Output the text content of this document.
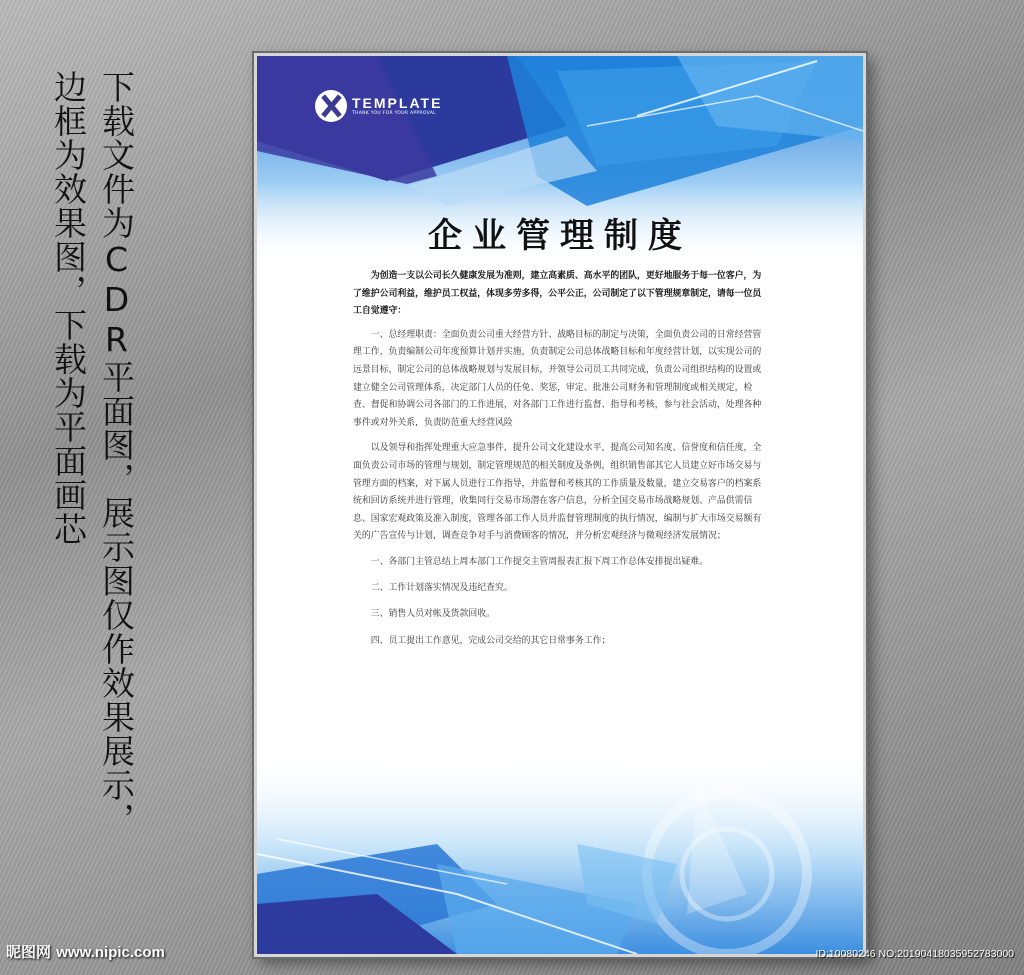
下载文件为CDR平面图，展示图仅作效果展示，
边框为效果图，下载为平面画芯	TEMPLATE
THANK YOU FOR YOUR APPROVAL
企业管理制度

为创造一支以公司长久健康发展为准则，建立高素质、高水平的团队，更好地服务于每一位客户，为了维护公司利益，维护员工权益，体现多劳多得，公平公正，公司制定了以下管理规章制定，请每一位员工自觉遵守：

一、总经理职责：全面负责公司重大经营方针、战略目标的制定与决策，全面负责公司的日常经营管理工作，负责编制公司年度预算计划并实施，负责制定公司总体战略目标和年度经营计划，以实现公司的远景目标，制定公司的总体战略规划与发展目标，并领导公司员工共同完成，负责公司组织结构的设置或建立健全公司管理体系，决定部门人员的任免、奖惩，审定、批准公司财务和管理制度或相关规定，检查、督促和协调公司各部门的工作进展，对各部门工作进行监督、指导和考核，参与社会活动，处理各种事件或对外关系，负责防范重大经营风险

以及领导和指挥处理重大应急事件，提升公司文化建设水平，提高公司知名度、信誉度和信任度，全面负责公司市场的管理与规划，制定管理规范的相关制度及条例，组织销售部其它人员建立好市场交易与管理方面的档案，对下属人员进行工作指导，并监督和考核其的工作质量及数量，建立交易客户的档案系统和回访系统并进行管理，收集同行交易市场潜在客户信息，分析全国交易市场战略规划、产品供需信息、国家宏观政策及准入制度，管理各部工作人员并监督管理制度的执行情况，编制与扩大市场交易额有关的广告宣传与计划，调查竞争对手与消费顾客的情况，并分析宏观经济与微观经济发展情况；

一、各部门主管总结上周本部门工作提交主管周报表汇报下周工作总体安排提出疑难。

二、工作计划落实情况及违纪查究。

三、销售人员对帐及货款回收。

四、员工提出工作意见，完成公司交给的其它日常事务工作；

昵图网 www.nipic.com	ID:10080246 NO:20190418035952783000
